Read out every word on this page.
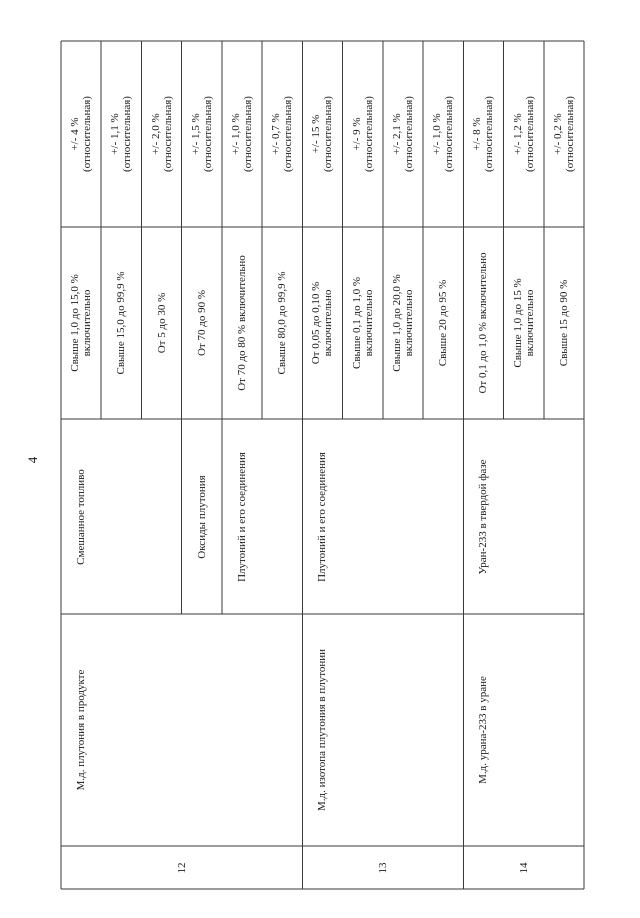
4
12
М.д. плутония в продукте
Смешанное топливо
Свыше 1,0 до 15,0 % включительно
+/- 4 % (относительная)
Свыше 15,0 до 99,9 %
+/- 1,1 % (относительная)
От 5 до 30 %
+/- 2,0 % (относительная)
Оксиды плутония
От 70 до 90 %
+/- 1,5 % (относительная)
Плутоний и его соединения
От 70 до 80 % включительно
+/- 1,0 % (относительная)
Свыше 80,0 до 99,9 %
+/- 0,7 % (относительная)
13
М.д. изотопа плутония в плутонии
Плутоний и его соединения
От 0,05 до 0,10 % включительно
+/- 15 % (относительная)
Свыше 0,1 до 1,0 % включительно
+/- 9 % (относительная)
Свыше 1,0 до 20,0 % включительно
+/- 2,1 % (относительная)
Свыше 20 до 95 %
+/- 1,0 % (относительная)
14
М.д. урана-233 в уране
Уран-233 в твердой фазе
От 0,1 до 1,0 % включительно
+/- 8 % (относительная)
Свыше 1,0 до 15 % включительно
+/- 1,2 % (относительная)
Свыше 15 до 90 %
+/- 0,2 % (относительная)
